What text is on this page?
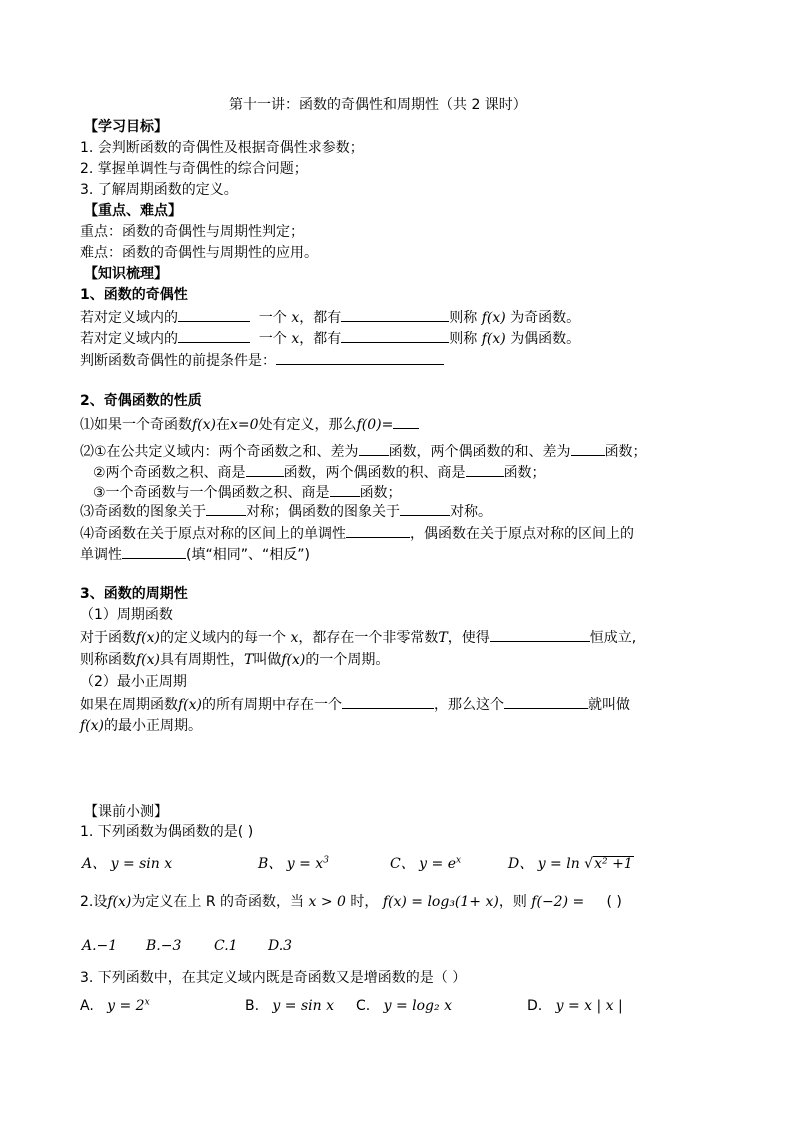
第十一讲：函数的奇偶性和周期性（共 2 课时）
【学习目标】
1. 会判断函数的奇偶性及根据奇偶性求参数；
2. 掌握单调性与奇偶性的综合问题；
3. 了解周期函数的定义。
【重点、难点】
重点：函数的奇偶性与周期性判定；
难点：函数的奇偶性与周期性的应用。
【知识梳理】
1、函数的奇偶性
若对定义域内的	一个 x，都有	则称 f(x) 为奇函数。
若对定义域内的	一个 x，都有	则称 f(x) 为偶函数。
判断函数奇偶性的前提条件是：
2、奇偶函数的性质
⑴如果一个奇函数f(x)在x=0处有定义，那么f(0)=
⑵①在公共定义域内：两个奇函数之和、差为 函数，两个偶函数的和、差为 函数；
②两个奇函数之积、商是	函数，两个偶函数的积、商是	函数；
③一个奇函数与一个偶函数之积、商是 函数；
⑶奇函数的图象关于	对称；偶函数的图象关于	对称。
⑷奇函数在关于原点对称的区间上的单调性	，偶函数在关于原点对称的区间上的
单调性	(填“相同”、“相反”)
3、函数的周期性
（1）周期函数
对于函数f(x)的定义域内的每一个 x，都存在一个非零常数T，使得	恒成立,
则称函数f(x)具有周期性，T叫做f(x)的一个周期。
（2）最小正周期
如果在周期函数f(x)的所有周期中存在一个	，那么这个	就叫做
f(x)的最小正周期。
【课前小测】
1. 下列函数为偶函数的是( )
A、 y = sin x	B、 $y = x^3$	C、 $y = e^x$	D、 y = ln √x² +1
2.设f(x)为定义在上 R 的奇函数，当 x > 0 时， f(x) = log₃(1+ x)，则 f(−2) = ( )
A.−1 B.−3 C.1 D.3
3. 下列函数中，在其定义域内既是奇函数又是增函数的是（ ）
A. $y = 2^x$	B. y = sin x C. y = log₂ x	D. y = x | x |
